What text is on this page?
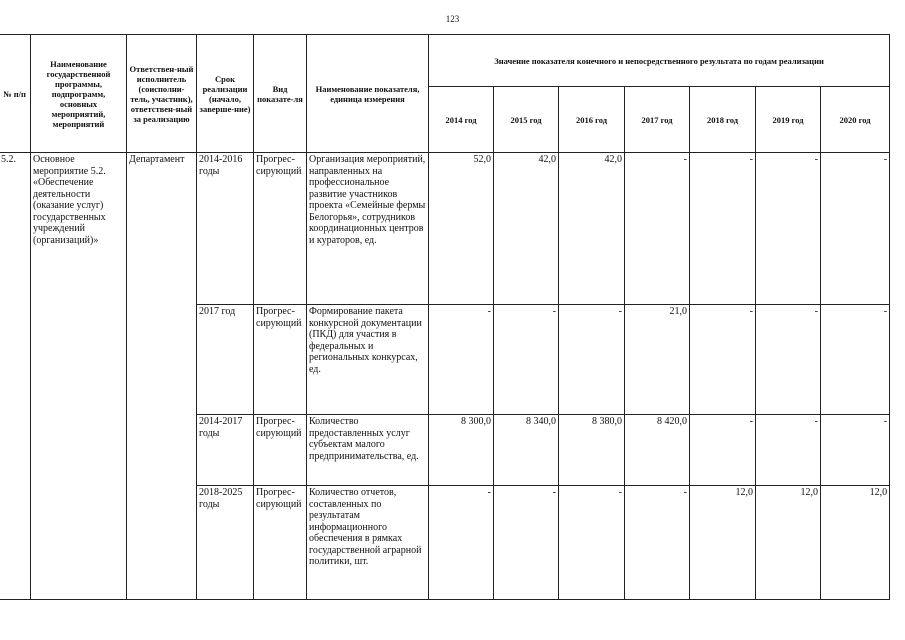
123
№ п/п	Наименование государственной программы, подпрограмм, основных мероприятий, мероприятий	Ответствен-ный исполнитель (соисполни-тель, участник), ответствен-ный за реализацию	Срок реализации (начало, заверше-ние)	Вид показате-ля	Наименование показателя, единица измерения	Значение показателя конечного и непосредственного результата по годам реализации						
						2014 год	2015 год	2016 год	2017 год	2018 год	2019 год	2020 год
5.2.	Основное мероприятие 5.2. «Обеспечение деятельности (оказание услуг) государственных учреждений (организаций)»	Департамент	2014-2016 годы	Прогрес-сирующий	Организация мероприятий, направленных на профессиональное развитие участников проекта «Семейные фермы Белогорья», сотрудников координационных центров и кураторов, ед.	52,0	42,0	42,0	-	-	-	-
			2017 год	Прогрес-сирующий	Формирование пакета конкурсной документации (ПКД) для участия в федеральных и региональных конкурсах, ед.	-	-	-	21,0	-	-	-
			2014-2017 годы	Прогрес-сирующий	Количество предоставленных услуг субъектам малого предпринимательства, ед.	8 300,0	8 340,0	8 380,0	8 420,0	-	-	-
			2018-2025 годы	Прогрес-сирующий	Количество отчетов, составленных по результатам информационного обеспечения в рямках государственной аграрной политики, шт.	-	-	-	-	12,0	12,0	12,0
